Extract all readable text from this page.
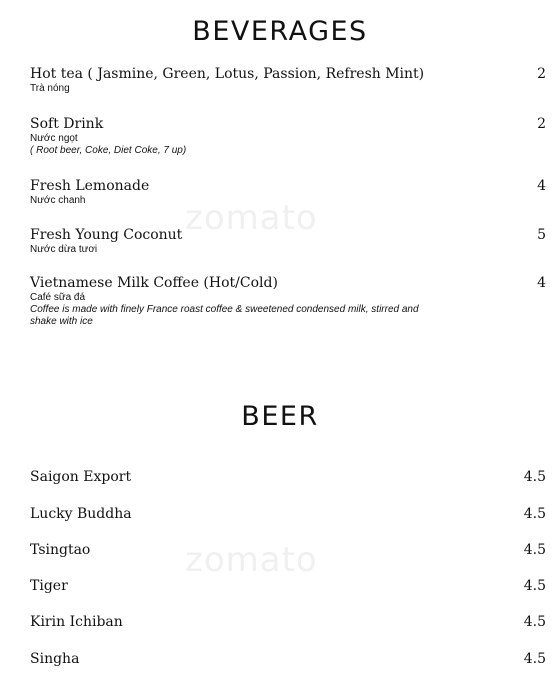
zomato
zomato
BEVERAGES
Hot tea ( Jasmine, Green, Lotus, Passion, Refresh Mint)
Trà nóng
2
Soft Drink
Nước ngọt
( Root beer, Coke, Diet Coke, 7 up)
2
Fresh Lemonade
Nước chanh
4
Fresh Young Coconut
Nước dừa tươi
5
Vietnamese Milk Coffee (Hot/Cold)
Café sữa đá
Coffee is made with finely France roast coffee & sweetened condensed milk, stirred and shake with ice
4
BEER
Saigon Export	4.5
Lucky Buddha	4.5
Tsingtao	4.5
Tiger	4.5
Kirin Ichiban	4.5
Singha	4.5
